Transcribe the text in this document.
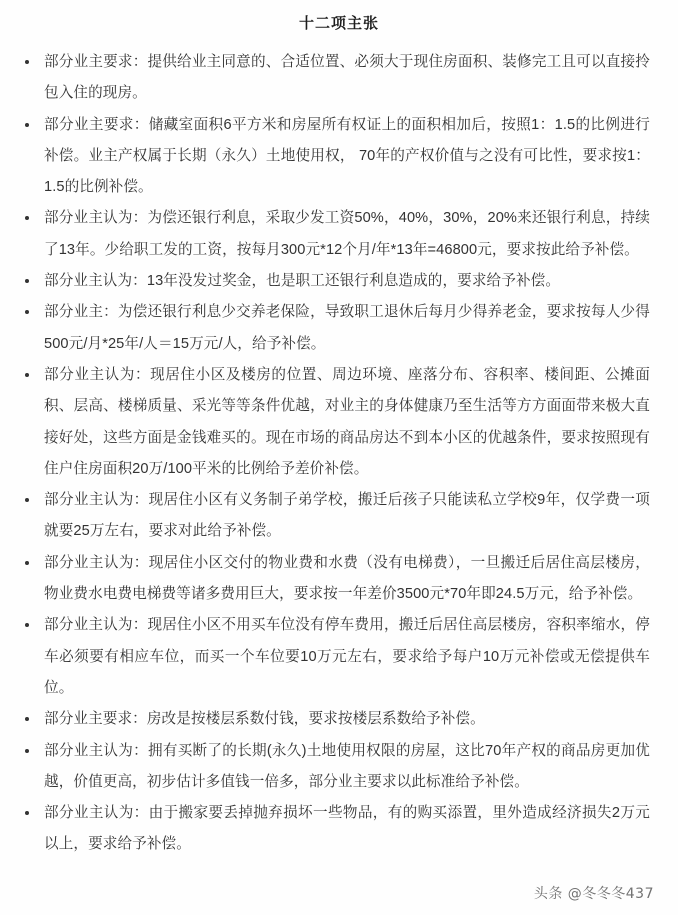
十二项主张
部分业主要求：提供给业主同意的、合适位置、必须大于现住房面积、装修完工且可以直接拎包入住的现房。
部分业主要求：储藏室面积6平方米和房屋所有权证上的面积相加后，按照1：1.5的比例进行补偿。业主产权属于长期（永久）土地使用权， 70年的产权价值与之没有可比性，要求按1：1.5的比例补偿。
部分业主认为：为偿还银行利息，采取少发工资50%，40%，30%，20%来还银行利息，持续了13年。少给职工发的工资，按每月300元*12个月/年*13年=46800元，要求按此给予补偿。
部分业主认为：13年没发过奖金，也是职工还银行利息造成的，要求给予补偿。
部分业主：为偿还银行利息少交养老保险，导致职工退休后每月少得养老金，要求按每人少得500元/月*25年/人＝15万元/人，给予补偿。
部分业主认为：现居住小区及楼房的位置、周边环境、座落分布、容积率、楼间距、公摊面积、层高、楼梯质量、采光等等条件优越，对业主的身体健康乃至生活等方方面面带来极大直接好处，这些方面是金钱难买的。现在市场的商品房达不到本小区的优越条件，要求按照现有住户住房面积20万/100平米的比例给予差价补偿。
部分业主认为：现居住小区有义务制子弟学校，搬迁后孩子只能读私立学校9年，仅学费一项就要25万左右，要求对此给予补偿。
部分业主认为：现居住小区交付的物业费和水费（没有电梯费），一旦搬迁后居住高层楼房，物业费水电费电梯费等诸多费用巨大，要求按一年差价3500元*70年即24.5万元，给予补偿。
部分业主认为：现居住小区不用买车位没有停车费用，搬迁后居住高层楼房，容积率缩水，停车必须要有相应车位，而买一个车位要10万元左右，要求给予每户10万元补偿或无偿提供车位。
部分业主要求：房改是按楼层系数付钱，要求按楼层系数给予补偿。
部分业主认为：拥有买断了的长期(永久)土地使用权限的房屋，这比70年产权的商品房更加优越，价值更高，初步估计多值钱一倍多，部分业主要求以此标准给予补偿。
部分业主认为：由于搬家要丢掉抛弃损坏一些物品，有的购买添置，里外造成经济损失2万元以上，要求给予补偿。
头条 @冬冬冬437
